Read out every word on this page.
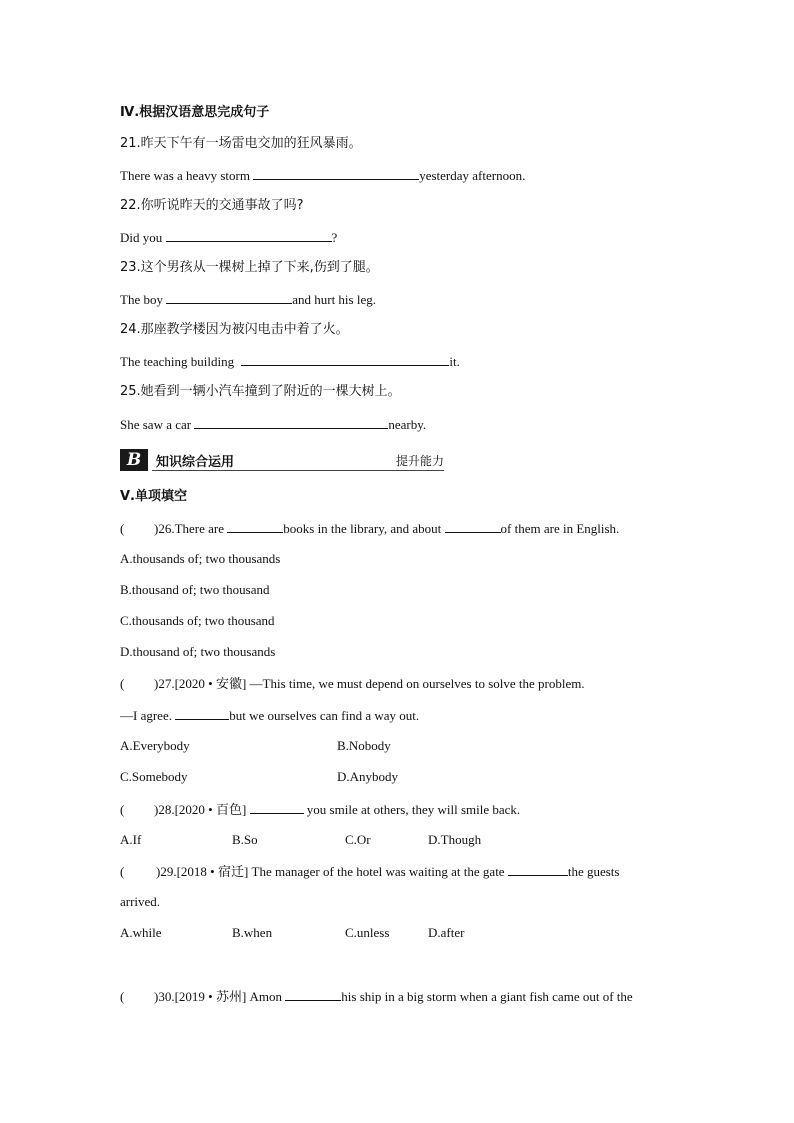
Ⅳ.根据汉语意思完成句子
21.昨天下午有一场雷电交加的狂风暴雨。
There was a heavy storm	yesterday afternoon.
22.你听说昨天的交通事故了吗?
Did you	?
23.这个男孩从一棵树上掉了下来,伤到了腿。
The boy	and hurt his leg.
24.那座教学楼因为被闪电击中着了火。
The teaching building	it.
25.她看到一辆小汽车撞到了附近的一棵大树上。
She saw a car	nearby.
B	知识综合运用	提升能力
Ⅴ.单项填空
( )26.There are	books in the library, and about	of them are in English.
A.thousands of; two thousands
B.thousand of; two thousand
C.thousands of; two thousand
D.thousand of; two thousands
( )27.[2020 • 安徽] —This time, we must depend on ourselves to solve the problem.
—I agree.	but we ourselves can find a way out.
A.Everybody	B.Nobody
C.Somebody	D.Anybody
( )28.[2020 • 百色]	you smile at others, they will smile back.
A.If	B.So	C.Or	D.Though
( )29.[2018 • 宿迁] The manager of the hotel was waiting at the gate	the guests
arrived.
A.while	B.when	C.unless	D.after
( )30.[2019 • 苏州] Amon	his ship in a big storm when a giant fish came out of the
